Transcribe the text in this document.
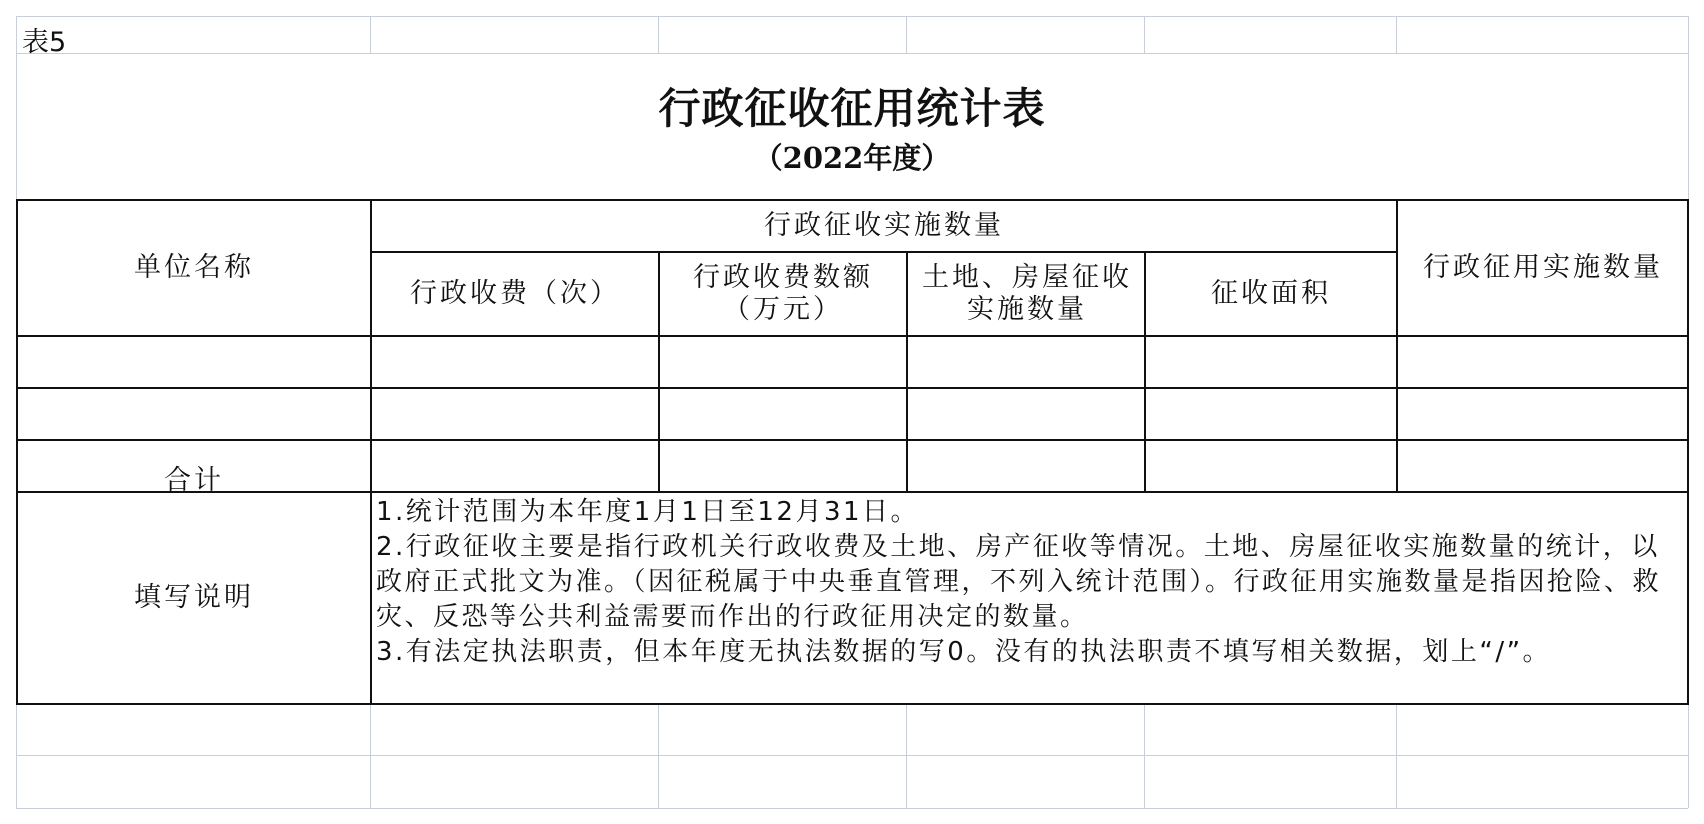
表5
行政征收征用统计表
（2022年度）
单位名称
行政征收实施数量
行政收费（次）
行政收费数额（万元）
土地、房屋征收实施数量
征收面积
行政征用实施数量
合计
填写说明
1.统计范围为本年度1月1日至12月31日。
2.行政征收主要是指行政机关行政收费及土地、房产征收等情况。土地、房屋征收实施数量的统计，以政府正式批文为准。（因征税属于中央垂直管理，不列入统计范围）。行政征用实施数量是指因抢险、救灾、反恐等公共利益需要而作出的行政征用决定的数量。
3.有法定执法职责，但本年度无执法数据的写0。没有的执法职责不填写相关数据，划上“/”。
